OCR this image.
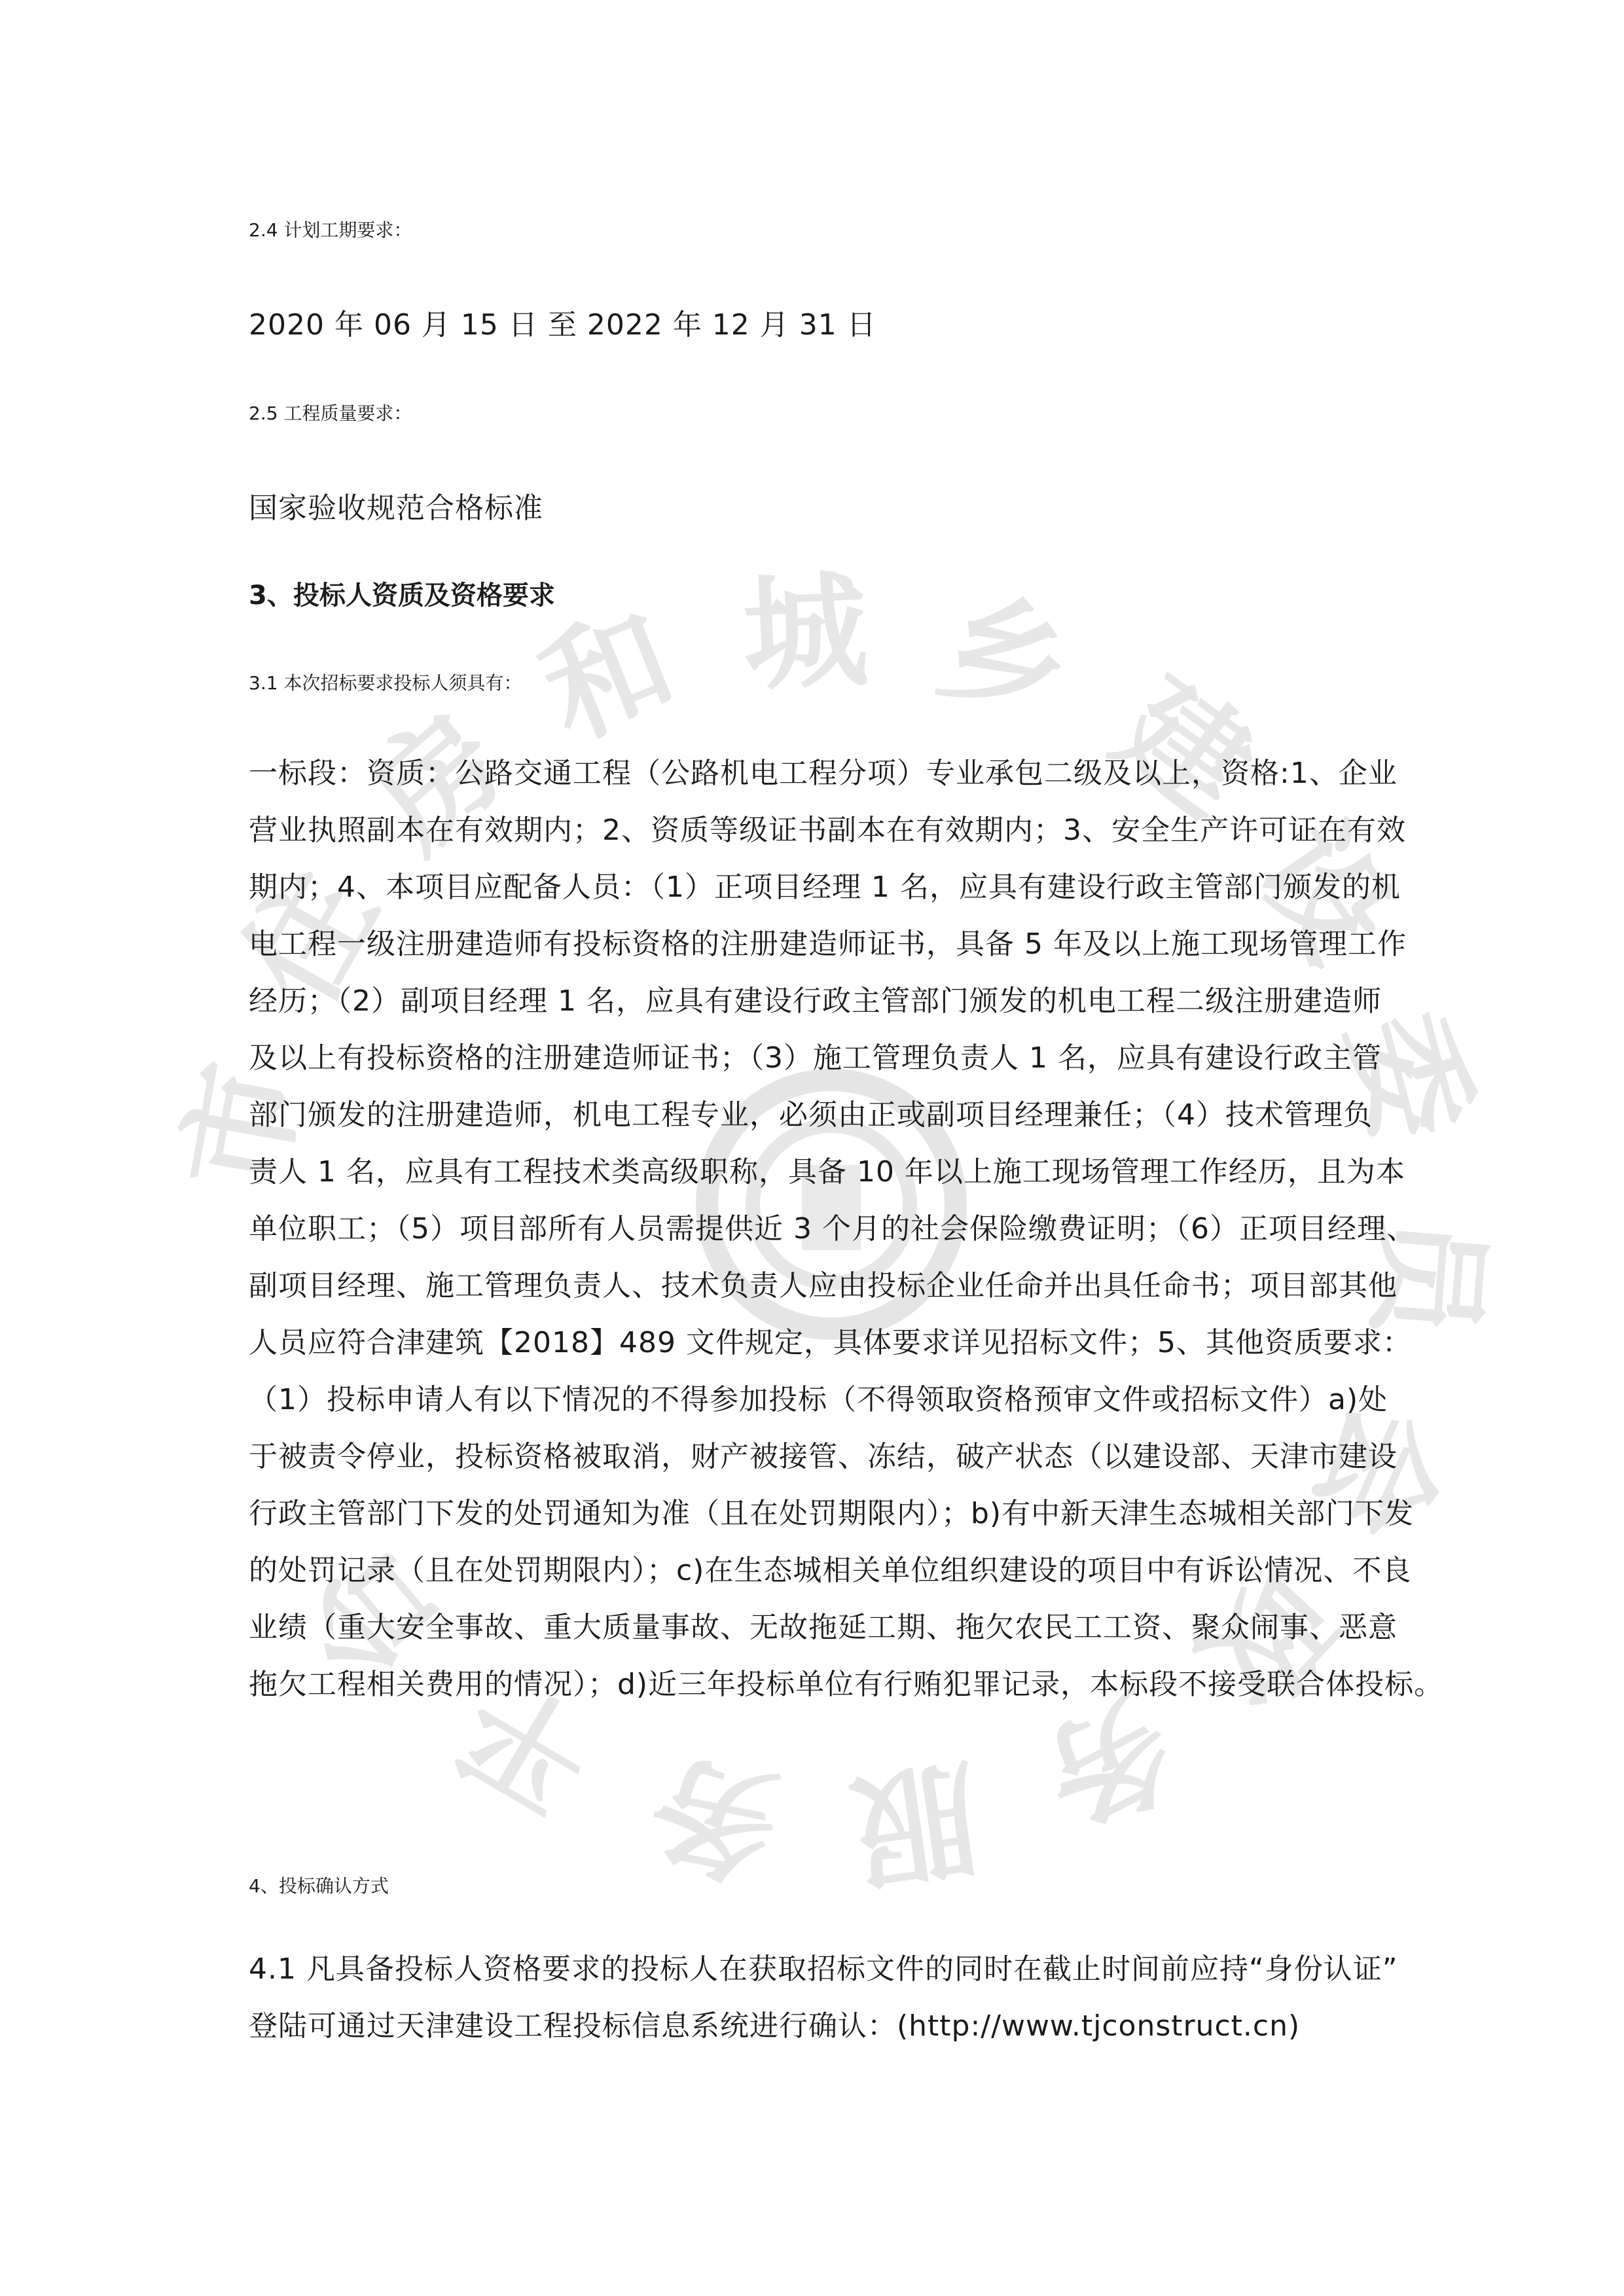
市
住
房
和 城 乡 建
设
委
员
会
政
务
服
务
平
台
2.4 计划工期要求：
2020 年 06 月 15 日 至 2022 年 12 月 31 日
2.5 工程质量要求：
国家验收规范合格标准
3、投标人资质及资格要求
3.1 本次招标要求投标人须具有：
一标段：资质：公路交通工程（公路机电工程分项）专业承包二级及以上，资格:1、企业
营业执照副本在有效期内；2、资质等级证书副本在有效期内；3、安全生产许可证在有效
期内；4、本项目应配备人员：（1）正项目经理 1 名，应具有建设行政主管部门颁发的机
电工程一级注册建造师有投标资格的注册建造师证书，具备 5 年及以上施工现场管理工作
经历；（2）副项目经理 1 名，应具有建设行政主管部门颁发的机电工程二级注册建造师
及以上有投标资格的注册建造师证书；（3）施工管理负责人 1 名，应具有建设行政主管
部门颁发的注册建造师，机电工程专业，必须由正或副项目经理兼任；（4）技术管理负
责人 1 名，应具有工程技术类高级职称，具备 10 年以上施工现场管理工作经历，且为本
单位职工；（5）项目部所有人员需提供近 3 个月的社会保险缴费证明；（6）正项目经理、
副项目经理、施工管理负责人、技术负责人应由投标企业任命并出具任命书；项目部其他
人员应符合津建筑【2018】489 文件规定，具体要求详见招标文件；5、其他资质要求：
（1）投标申请人有以下情况的不得参加投标（不得领取资格预审文件或招标文件）a)处
于被责令停业，投标资格被取消，财产被接管、冻结，破产状态（以建设部、天津市建设
行政主管部门下发的处罚通知为准（且在处罚期限内）；b)有中新天津生态城相关部门下发
的处罚记录（且在处罚期限内）；c)在生态城相关单位组织建设的项目中有诉讼情况、不良
业绩（重大安全事故、重大质量事故、无故拖延工期、拖欠农民工工资、聚众闹事、恶意
拖欠工程相关费用的情况）；d)近三年投标单位有行贿犯罪记录，本标段不接受联合体投标。
4、投标确认方式
4.1 凡具备投标人资格要求的投标人在获取招标文件的同时在截止时间前应持“身份认证”
登陆可通过天津建设工程投标信息系统进行确认：(http://www.tjconstruct.cn)
